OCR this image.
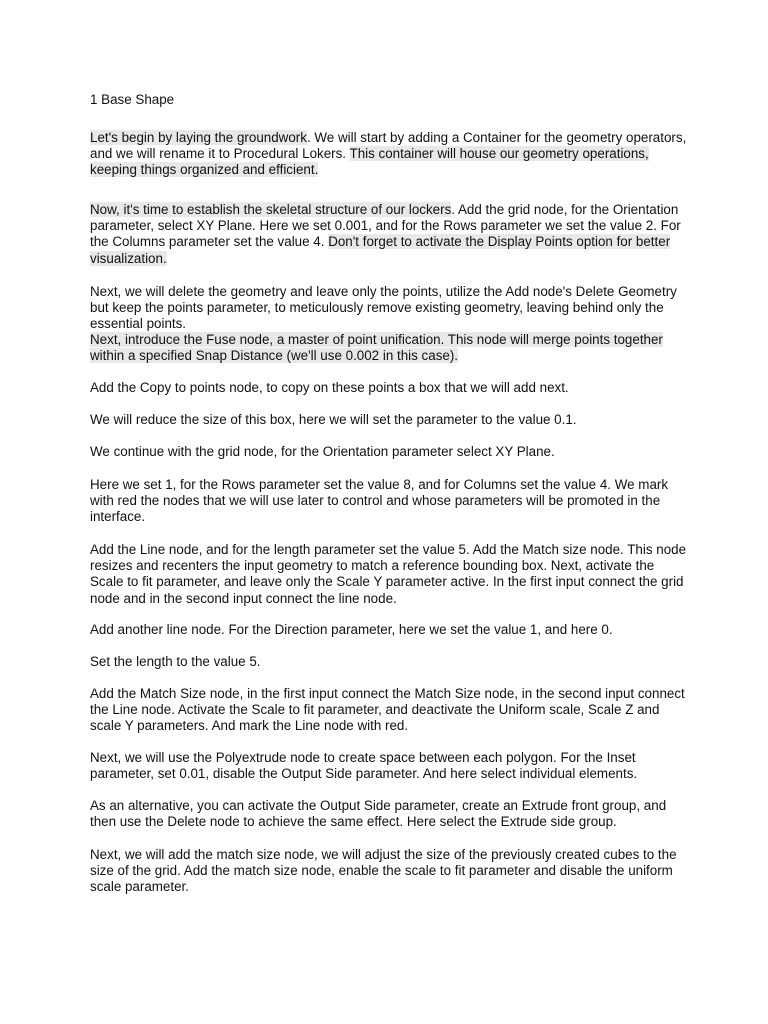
1 Base Shape

Let's begin by laying the groundwork. We will start by adding a Container for the geometry operators, and we will rename it to Procedural Lokers. This container will house our geometry operations, keeping things organized and efficient.

Now, it's time to establish the skeletal structure of our lockers. Add the grid node, for the Orientation parameter, select XY Plane. Here we set 0.001, and for the Rows parameter we set the value 2. For the Columns parameter set the value 4. Don't forget to activate the Display Points option for better visualization.

Next, we will delete the geometry and leave only the points, utilize the Add node's Delete Geometry but keep the points parameter, to meticulously remove existing geometry, leaving behind only the essential points.

Next, introduce the Fuse node, a master of point unification. This node will merge points together within a specified Snap Distance (we'll use 0.002 in this case).

Add the Copy to points node, to copy on these points a box that we will add next.

We will reduce the size of this box, here we will set the parameter to the value 0.1.

We continue with the grid node, for the Orientation parameter select XY Plane.

Here we set 1, for the Rows parameter set the value 8, and for Columns set the value 4. We mark with red the nodes that we will use later to control and whose parameters will be promoted in the interface.

Add the Line node, and for the length parameter set the value 5. Add the Match size node. This node resizes and recenters the input geometry to match a reference bounding box. Next, activate the Scale to fit parameter, and leave only the Scale Y parameter active. In the first input connect the grid node and in the second input connect the line node.

Add another line node. For the Direction parameter, here we set the value 1, and here 0.

Set the length to the value 5.

Add the Match Size node, in the first input connect the Match Size node, in the second input connect the Line node. Activate the Scale to fit parameter, and deactivate the Uniform scale, Scale Z and scale Y parameters. And mark the Line node with red.

Next, we will use the Polyextrude node to create space between each polygon. For the Inset parameter, set 0.01, disable the Output Side parameter. And here select individual elements.

As an alternative, you can activate the Output Side parameter, create an Extrude front group, and then use the Delete node to achieve the same effect. Here select the Extrude side group.

Next, we will add the match size node, we will adjust the size of the previously created cubes to the size of the grid. Add the match size node, enable the scale to fit parameter and disable the uniform scale parameter.
